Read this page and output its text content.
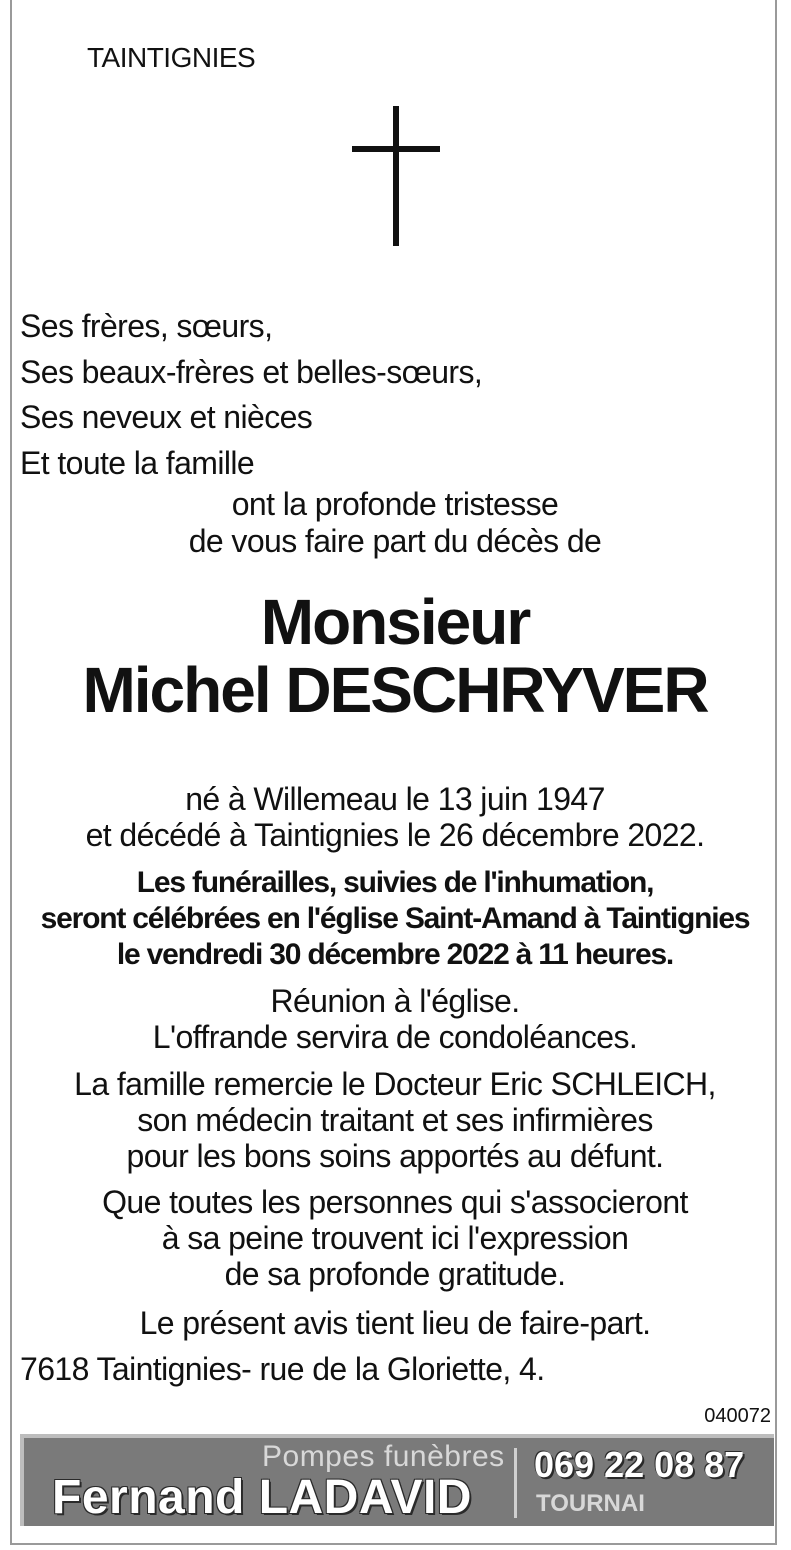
TAINTIGNIES
Ses frères, sœurs,
Ses beaux-frères et belles-sœurs,
Ses neveux et nièces
Et toute la famille
ont la profonde tristesse
de vous faire part du décès de
Monsieur
Michel DESCHRYVER
né à Willemeau le 13 juin 1947
et décédé à Taintignies le 26 décembre 2022.
Les funérailles, suivies de l'inhumation,
seront célébrées en l'église Saint-Amand à Taintignies
le vendredi 30 décembre 2022 à 11 heures.
Réunion à l'église.
L'offrande servira de condoléances.
La famille remercie le Docteur Eric SCHLEICH,
son médecin traitant et ses infirmières
pour les bons soins apportés au défunt.
Que toutes les personnes qui s'associeront
à sa peine trouvent ici l'expression
de sa profonde gratitude.
Le présent avis tient lieu de faire-part.
7618 Taintignies- rue de la Gloriette, 4.
040072
Pompes funèbres
Fernand LADAVID
069 22 08 87
TOURNAI
